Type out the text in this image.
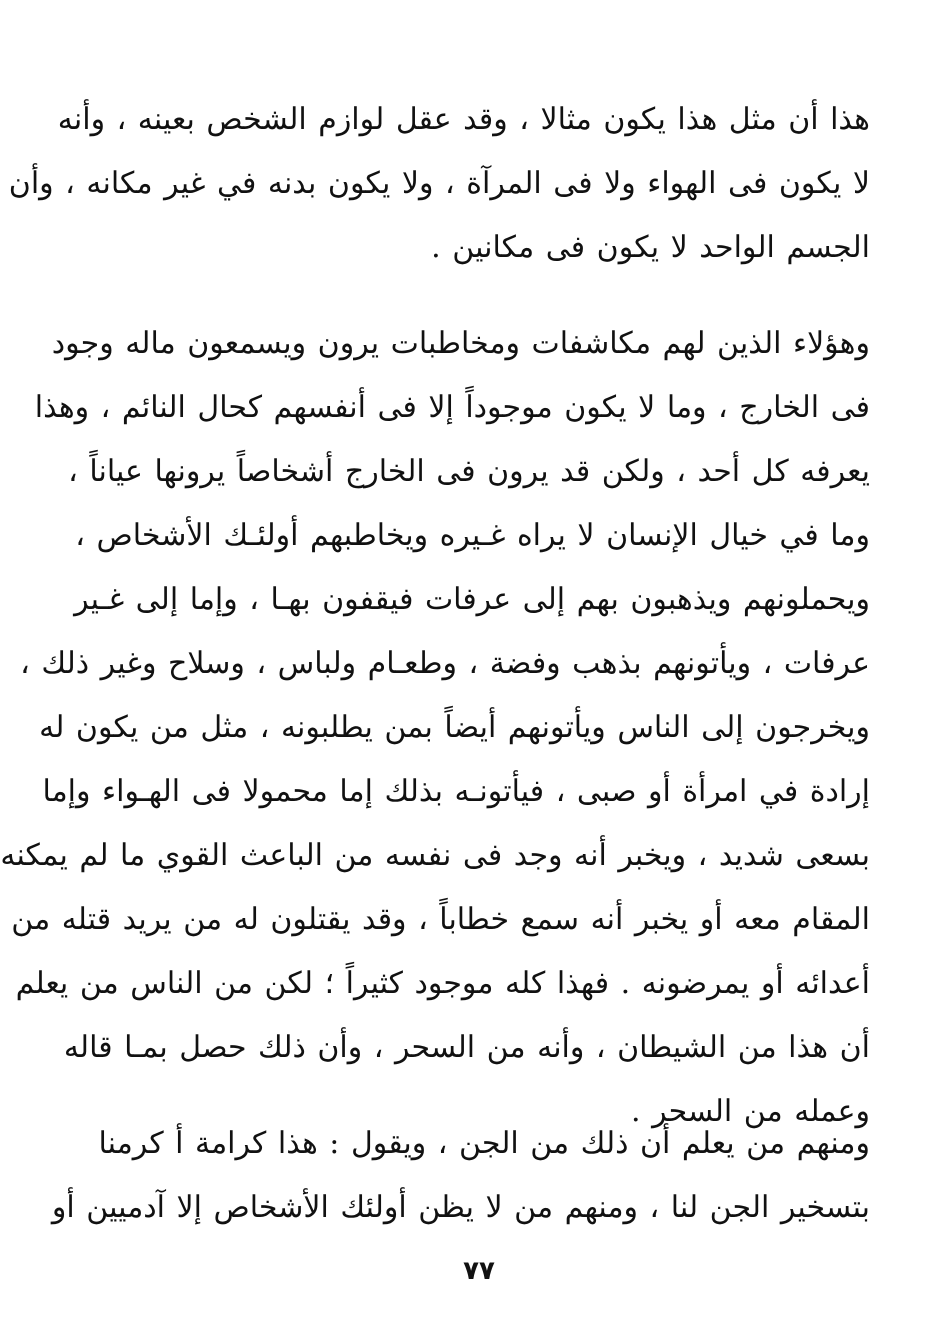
هذا أن مثل هذا يكون مثالا ، وقد عقل لوازم الشخص بعينه ، وأنه
لا يكون فى الهواء ولا فى المرآة ، ولا يكون بدنه في غير مكانه ، وأن
الجسم الواحد لا يكون فى مكانين .
وهؤلاء الذين لهم مكاشفات ومخاطبات يرون ويسمعون ماله وجود
فى الخارج ، وما لا يكون موجوداً إلا فى أنفسهم كحال النائم ، وهذا
يعرفه كل أحد ، ولكن قد يرون فى الخارج أشخاصاً يرونها عياناً ،
وما في خيال الإنسان لا يراه غـيره ويخاطبهم أولئـك الأشخاص ،
ويحملونهم ويذهبون بهم إلى عرفات فيقفون بهـا ، وإما إلى غـير
عرفات ، ويأتونهم بذهب وفضة ، وطعـام ولباس ، وسلاح وغير ذلك ،
ويخرجون إلى الناس ويأتونهم أيضاً بمن يطلبونه ، مثل من يكون له
إرادة في امرأة أو صبى ، فيأتونـه بذلك إما محمولا فى الهـواء وإما
بسعى شديد ، ويخبر أنه وجد فى نفسه من الباعث القوي ما لم يمكنه
المقام معه أو يخبر أنه سمع خطاباً ، وقد يقتلون له من يريد قتله من
أعدائه أو يمرضونه . فهذا كله موجود كثيراً ؛ لكن من الناس من يعلم
أن هذا من الشيطان ، وأنه من السحر ، وأن ذلك حصل بمـا قاله
وعمله من السحر .
ومنهم من يعلم أن ذلك من الجن ، ويقول : هذا كرامة أ كرمنا
بتسخير الجن لنا ، ومنهم من لا يظن أولئك الأشخاص إلا آدميين أو
٧٧
